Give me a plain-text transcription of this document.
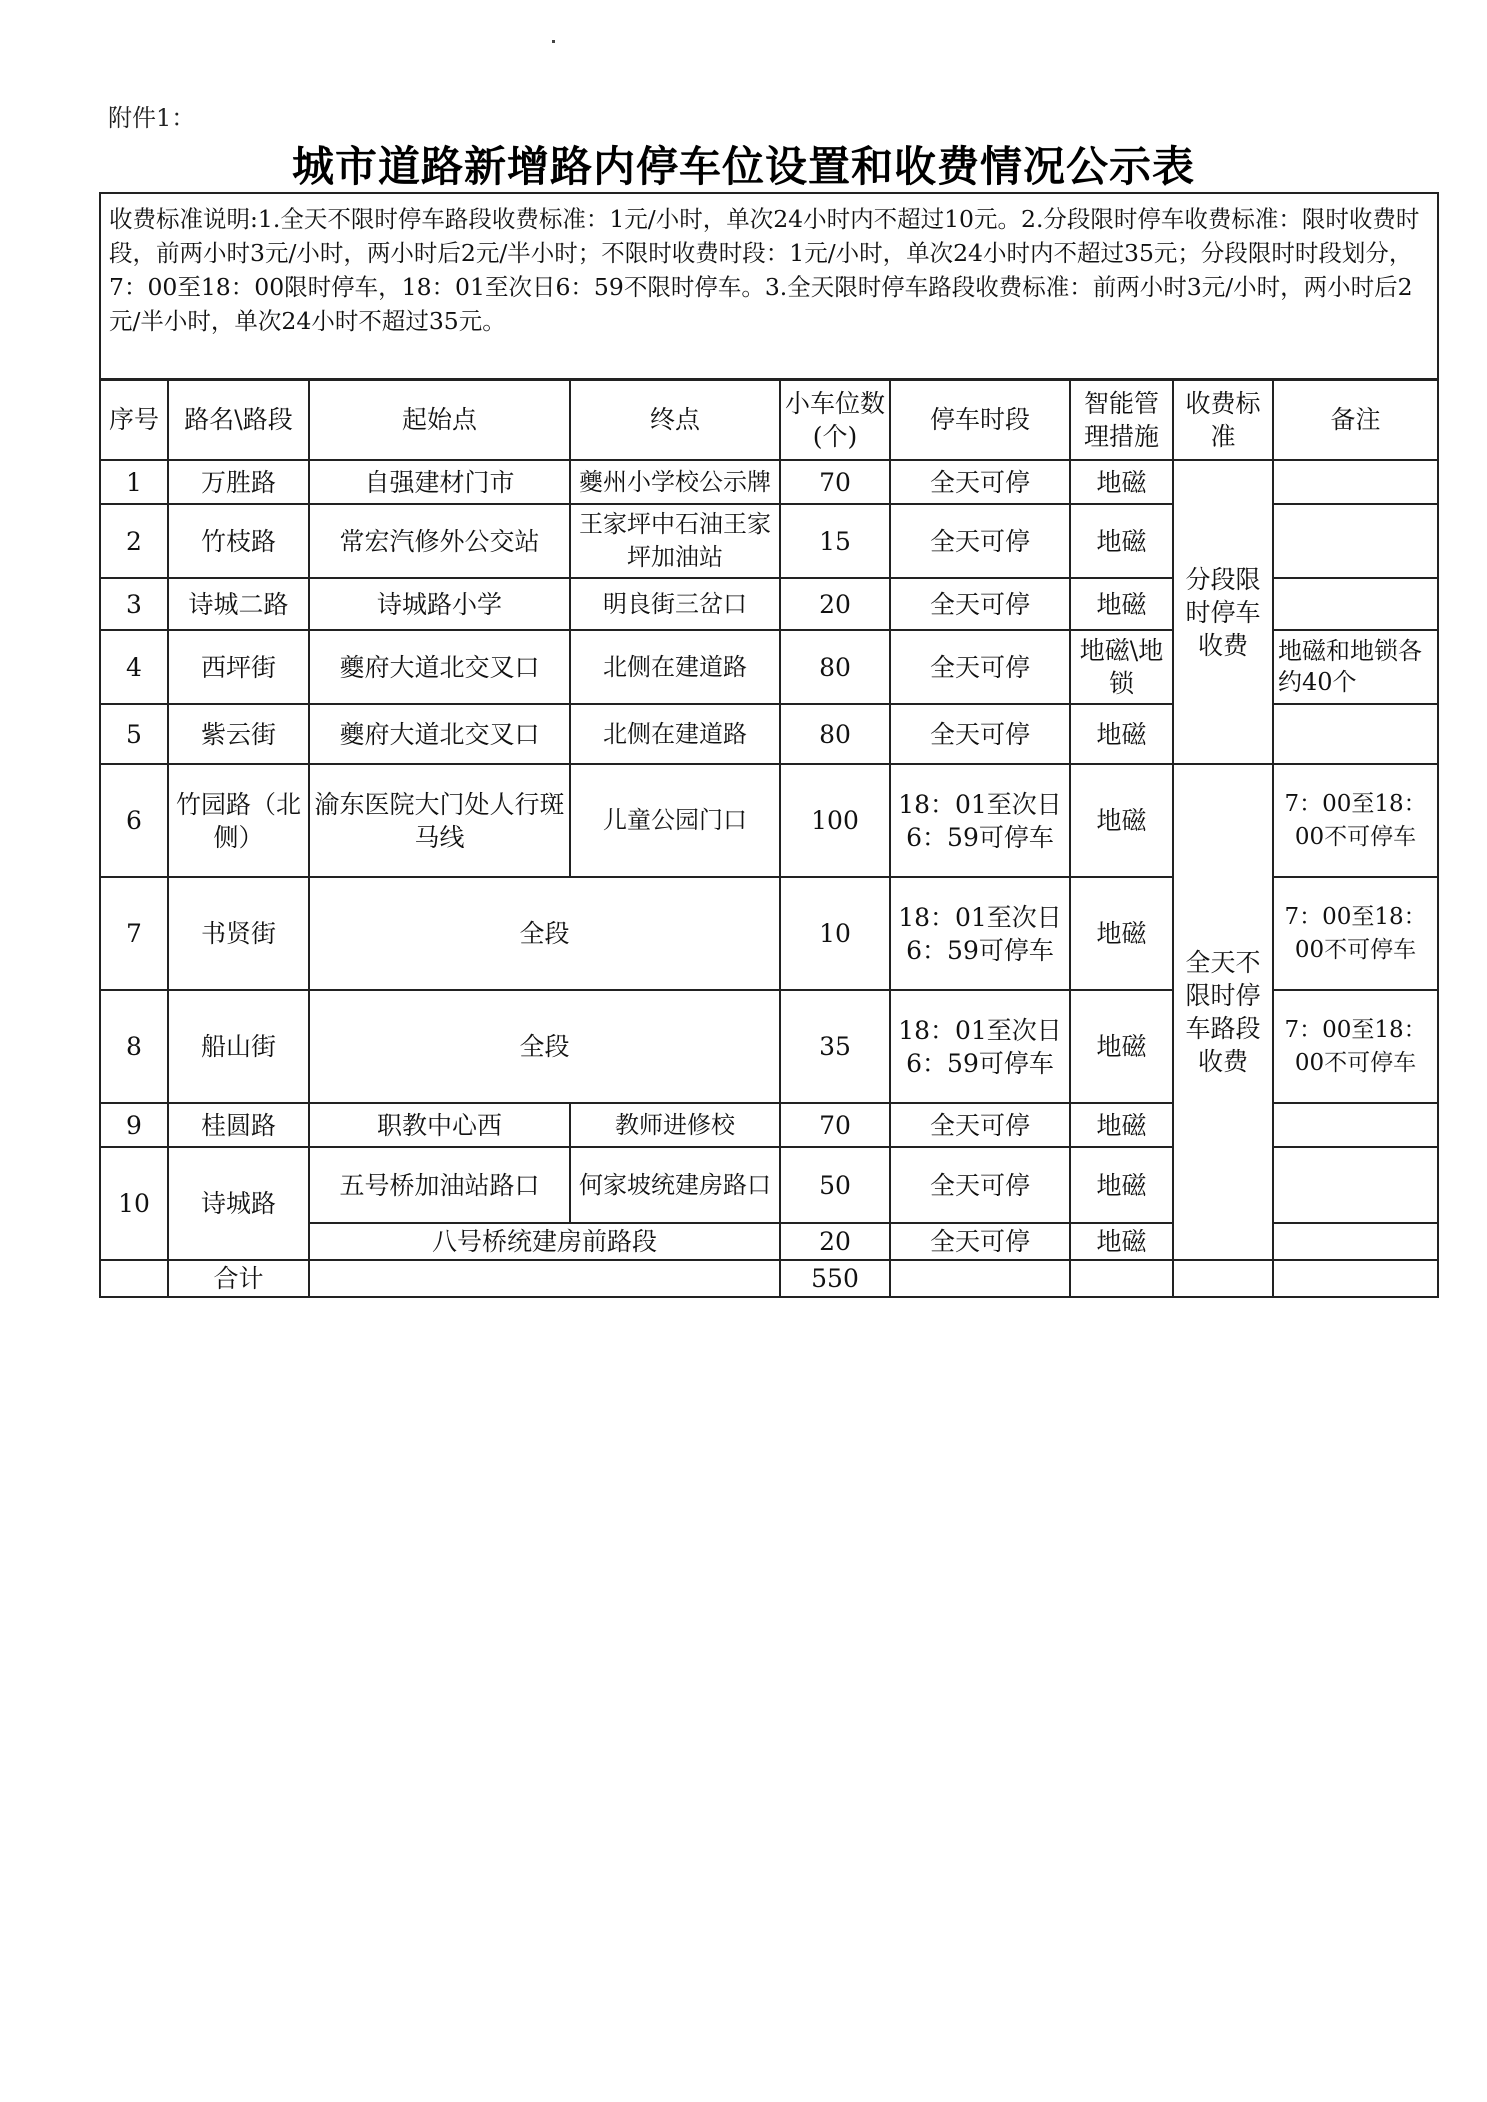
附件1：
城市道路新增路内停车位设置和收费情况公示表
收费标准说明:1.全天不限时停车路段收费标准：1元/小时，单次24小时内不超过10元。2.分段限时停车收费标准：限时收费时段，前两小时3元/小时，两小时后2元/半小时；不限时收费时段：1元/小时，单次24小时内不超过35元；分段限时时段划分，7：00至18：00限时停车，18：01至次日6：59不限时停车。3.全天限时停车路段收费标准：前两小时3元/小时，两小时后2元/半小时，单次24小时不超过35元。								
序号	路名\路段	起始点	终点	小车位数(个)	停车时段	智能管理措施	收费标准	备注
1	万胜路	自强建材门市	夔州小学校公示牌	70	全天可停	地磁	分段限时停车收费	
2	竹枝路	常宏汽修外公交站	王家坪中石油王家坪加油站	15	全天可停	地磁		
3	诗城二路	诗城路小学	明良街三岔口	20	全天可停	地磁		
4	西坪街	夔府大道北交叉口	北侧在建道路	80	全天可停	地磁\地锁		地磁和地锁各约40个
5	紫云街	夔府大道北交叉口	北侧在建道路	80	全天可停	地磁		
6	竹园路（北侧）	渝东医院大门处人行斑马线	儿童公园门口	100	18：01至次日6：59可停车	地磁	全天不限时停车路段收费	7：00至18：00不可停车
7	书贤街	全段		10	18：01至次日6：59可停车	地磁		7：00至18：00不可停车
8	船山街	全段		35	18：01至次日6：59可停车	地磁		7：00至18：00不可停车
9	桂圆路	职教中心西	教师进修校	70	全天可停	地磁		
10	诗城路	五号桥加油站路口	何家坡统建房路口	50	全天可停	地磁		
		八号桥统建房前路段		20	全天可停	地磁		
	合计			550				
